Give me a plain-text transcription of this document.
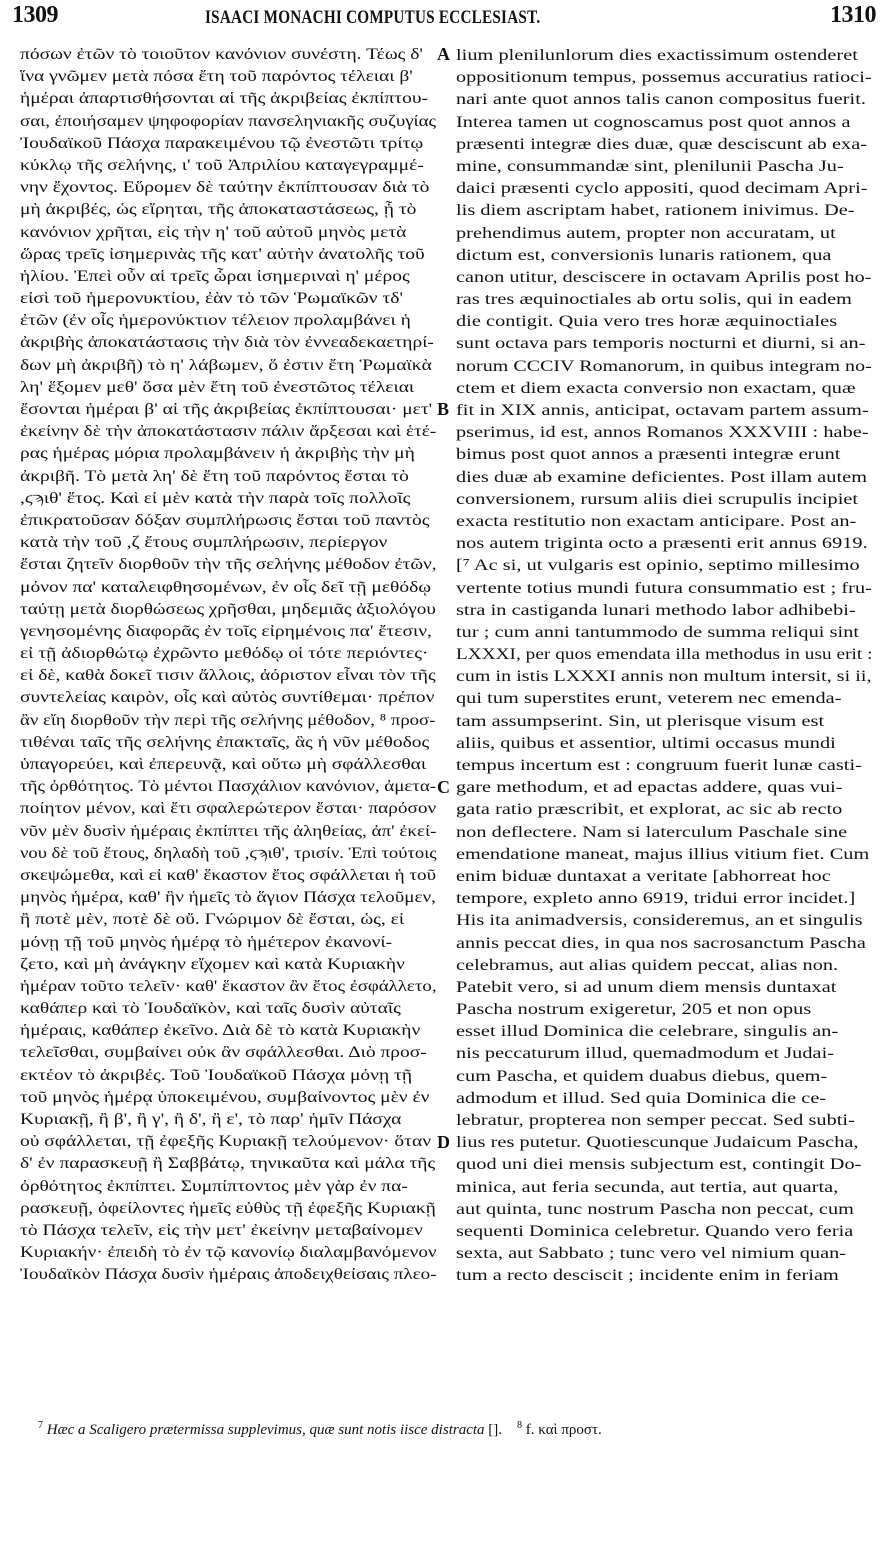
1309	ISAACI MONACHI COMPUTUS ECCLESIAST.	1310
πόσων ἐτῶν τὸ τοιοῦτον κανόνιον συνέστη. Τέως δ'
ἵνα γνῶμεν μετὰ πόσα ἔτη τοῦ παρόντος τέλειαι β'
ἡμέραι ἀπαρτισθήσονται αἱ τῆς ἀκριβείας ἐκπίπτου-
σαι, ἐποιήσαμεν ψηφοφορίαν πανσεληνιακῆς συζυγίας
Ἰουδαϊκοῦ Πάσχα παρακειμένου τῷ ἐνεστῶτι τρίτῳ
κύκλῳ τῆς σελήνης, ι' τοῦ Ἀπριλίου καταγεγραμμέ-
νην ἔχοντος. Εὕρομεν δὲ ταύτην ἐκπίπτουσαν διὰ τὸ
μὴ ἀκριβές, ὡς εἴρηται, τῆς ἀποκαταστάσεως, ᾗ τὸ
κανόνιον χρῆται, εἰς τὴν η' τοῦ αὐτοῦ μηνὸς μετὰ
ὥρας τρεῖς ἰσημερινὰς τῆς κατ' αὐτὴν ἀνατολῆς τοῦ
ἡλίου. Ἐπεὶ οὖν αἱ τρεῖς ὧραι ἰσημεριναὶ η' μέρος
εἰσὶ τοῦ ἡμερονυκτίου, ἐὰν τὸ τῶν Ῥωμαϊκῶν τδ'
ἐτῶν (ἐν οἷς ἡμερονύκτιον τέλειον προλαμβάνει ἡ
ἀκριβὴς ἀποκατάστασις τὴν διὰ τὸν ἐννεαδεκαετηρί-
δων μὴ ἀκριβῆ) τὸ η' λάβωμεν, ὅ ἐστιν ἔτη Ῥωμαϊκὰ
λη' ἕξομεν μεθ' ὅσα μὲν ἔτη τοῦ ἐνεστῶτος τέλειαι
ἔσονται ἡμέραι β' αἱ τῆς ἀκριβείας ἐκπίπτουσαι· μετ'
ἐκείνην δὲ τὴν ἀποκατάστασιν πάλιν ἄρξεσαι καὶ ἑτέ-
ρας ἡμέρας μόρια προλαμβάνειν ἡ ἀκριβὴς τὴν μὴ
ἀκριβῆ. Τὸ μετὰ λη' δὲ ἔτη τοῦ παρόντος ἔσται τὸ
,ϛϡιθ' ἔτος. Καὶ εἰ μὲν κατὰ τὴν παρὰ τοῖς πολλοῖς
ἐπικρατοῦσαν δόξαν συμπλήρωσις ἔσται τοῦ παντὸς
κατὰ τὴν τοῦ ,ζ ἔτους συμπλήρωσιν, περίεργον
ἔσται ζητεῖν διορθοῦν τὴν τῆς σελήνης μέθοδον ἐτῶν,
μόνον πα' καταλειφθησομένων, ἐν οἷς δεῖ τῇ μεθόδῳ
ταύτῃ μετὰ διορθώσεως χρῆσθαι, μηδεμιᾶς ἀξιολόγου
γενησομένης διαφορᾶς ἐν τοῖς εἰρημένοις πα' ἔτεσιν,
εἰ τῇ ἀδιορθώτῳ ἐχρῶντο μεθόδῳ οἱ τότε περιόντες·
εἰ δὲ, καθὰ δοκεῖ τισιν ἄλλοις, ἀόριστον εἶναι τὸν τῆς
συντελείας καιρὸν, οἷς καὶ αὐτὸς συντίθεμαι· πρέπον
ἂν εἴη διορθοῦν τὴν περὶ τῆς σελήνης μέθοδον, ⁸ προσ-
τιθέναι ταῖς τῆς σελήνης ἐπακταῖς, ἃς ἡ νῦν μέθοδος
ὑπαγορεύει, καὶ ἐπερευνᾷ, καὶ οὕτω μὴ σφάλλεσθαι
τῆς ὀρθότητος. Τὸ μέντοι Πασχάλιον κανόνιον, ἀμετα-
ποίητον μένον, καὶ ἔτι σφαλερώτερον ἔσται· παρόσον
νῦν μὲν δυσὶν ἡμέραις ἐκπίπτει τῆς ἀληθείας, ἀπ' ἐκεί-
νου δὲ τοῦ ἔτους, δηλαδὴ τοῦ ,ϛϡιθ', τρισίν. Ἐπὶ τούτοις
σκεψώμεθα, καὶ εἰ καθ' ἕκαστον ἔτος σφάλλεται ἡ τοῦ
μηνὸς ἡμέρα, καθ' ἣν ἡμεῖς τὸ ἅγιον Πάσχα τελοῦμεν,
ἢ ποτὲ μὲν, ποτὲ δὲ οὔ. Γνώριμον δὲ ἔσται, ὡς, εἰ
μόνῃ τῇ τοῦ μηνὸς ἡμέρᾳ τὸ ἡμέτερον ἐκανονί-
ζετο, καὶ μὴ ἀνάγκην εἴχομεν καὶ κατὰ Κυριακὴν
ἡμέραν τοῦτο τελεῖν· καθ' ἕκαστον ἂν ἔτος ἐσφάλλετο,
καθάπερ καὶ τὸ Ἰουδαϊκὸν, καὶ ταῖς δυσὶν αὐταῖς
ἡμέραις, καθάπερ ἐκεῖνο. Διὰ δὲ τὸ κατὰ Κυριακὴν
τελεῖσθαι, συμβαίνει οὐκ ἂν σφάλλεσθαι. Διὸ προσ-
εκτέον τὸ ἀκριβές. Τοῦ Ἰουδαϊκοῦ Πάσχα μόνῃ τῇ
τοῦ μηνὸς ἡμέρᾳ ὑποκειμένου, συμβαίνοντος μὲν ἐν
Κυριακῇ, ἢ β', ἢ γ', ἢ δ', ἢ ε', τὸ παρ' ἡμῖν Πάσχα
οὐ σφάλλεται, τῇ ἐφεξῆς Κυριακῇ τελούμενον· ὅταν
δ' ἐν παρασκευῇ ἢ Σαββάτῳ, τηνικαῦτα καὶ μάλα τῆς
ὀρθότητος ἐκπίπτει. Συμπίπτοντος μὲν γὰρ ἐν πα-
ρασκευῇ, ὀφείλοντες ἡμεῖς εὐθὺς τῇ ἐφεξῆς Κυριακῇ
τὸ Πάσχα τελεῖν, εἰς τὴν μετ' ἐκείνην μεταβαίνομεν
Κυριακήν· ἐπειδὴ τὸ ἐν τῷ κανονίῳ διαλαμβανόμενον
Ἰουδαϊκὸν Πάσχα δυσὶν ἡμέραις ἀποδειχθείσαις πλεο-
lium plenilunlorum dies exactissimum ostenderet
oppositionum tempus, possemus accuratius ratioci-
nari ante quot annos talis canon compositus fuerit.
Interea tamen ut cognoscamus post quot annos a
præsenti integræ dies duæ, quæ desciscunt ab exa-
mine, consummandæ sint, plenilunii Pascha Ju-
daici præsenti cyclo appositi, quod decimam Apri-
lis diem ascriptam habet, rationem inivimus. De-
prehendimus autem, propter non accuratam, ut
dictum est, conversionis lunaris rationem, qua
canon utitur, desciscere in octavam Aprilis post ho-
ras tres æquinoctiales ab ortu solis, qui in eadem
die contigit. Quia vero tres horæ æquinoctiales
sunt octava pars temporis nocturni et diurni, si an-
norum CCCIV Romanorum, in quibus integram no-
ctem et diem exacta conversio non exactam, quæ
fit in XIX annis, anticipat, octavam partem assum-
pserimus, id est, annos Romanos XXXVIII : habe-
bimus post quot annos a præsenti integræ erunt
dies duæ ab examine deficientes. Post illam autem
conversionem, rursum aliis diei scrupulis incipiet
exacta restitutio non exactam anticipare. Post an-
nos autem triginta octo a præsenti erit annus 6919.
[⁷ Ac si, ut vulgaris est opinio, septimo millesimo
vertente totius mundi futura consummatio est ; fru-
stra in castiganda lunari methodo labor adhibebi-
tur ; cum anni tantummodo de summa reliqui sint
LXXXI, per quos emendata illa methodus in usu erit :
cum in istis LXXXI annis non multum intersit, si ii,
qui tum superstites erunt, veterem nec emenda-
tam assumpserint. Sin, ut plerisque visum est
aliis, quibus et assentior, ultimi occasus mundi
tempus incertum est : congruum fuerit lunæ casti-
gare methodum, et ad epactas addere, quas vui-
gata ratio præscribit, et explorat, ac sic ab recto
non deflectere. Nam si laterculum Paschale sine
emendatione maneat, majus illius vitium fiet. Cum
enim biduæ duntaxat a veritate [abhorreat hoc
tempore, expleto anno 6919, tridui error incidet.]
His ita animadversis, consideremus, an et singulis
annis peccat dies, in qua nos sacrosanctum Pascha
celebramus, aut alias quidem peccat, alias non.
Patebit vero, si ad unum diem mensis duntaxat
Pascha nostrum exigeretur, 205 et non opus
esset illud Dominica die celebrare, singulis an-
nis peccaturum illud, quemadmodum et Judai-
cum Pascha, et quidem duabus diebus, quem-
admodum et illud. Sed quia Dominica die ce-
lebratur, propterea non semper peccat. Sed subti-
lius res putetur. Quotiescunque Judaicum Pascha,
quod uni diei mensis subjectum est, contingit Do-
minica, aut feria secunda, aut tertia, aut quarta,
aut quinta, tunc nostrum Pascha non peccat, cum
sequenti Dominica celebretur. Quando vero feria
sexta, aut Sabbato ; tunc vero vel nimium quan-
tum a recto desciscit ; incidente enim in feriam
A
B
C
D
$^7$ Hæc a Scaligero prætermissa supplevimus, quæ sunt notis iisce distracta []. $^8$ f. καὶ προστ.
